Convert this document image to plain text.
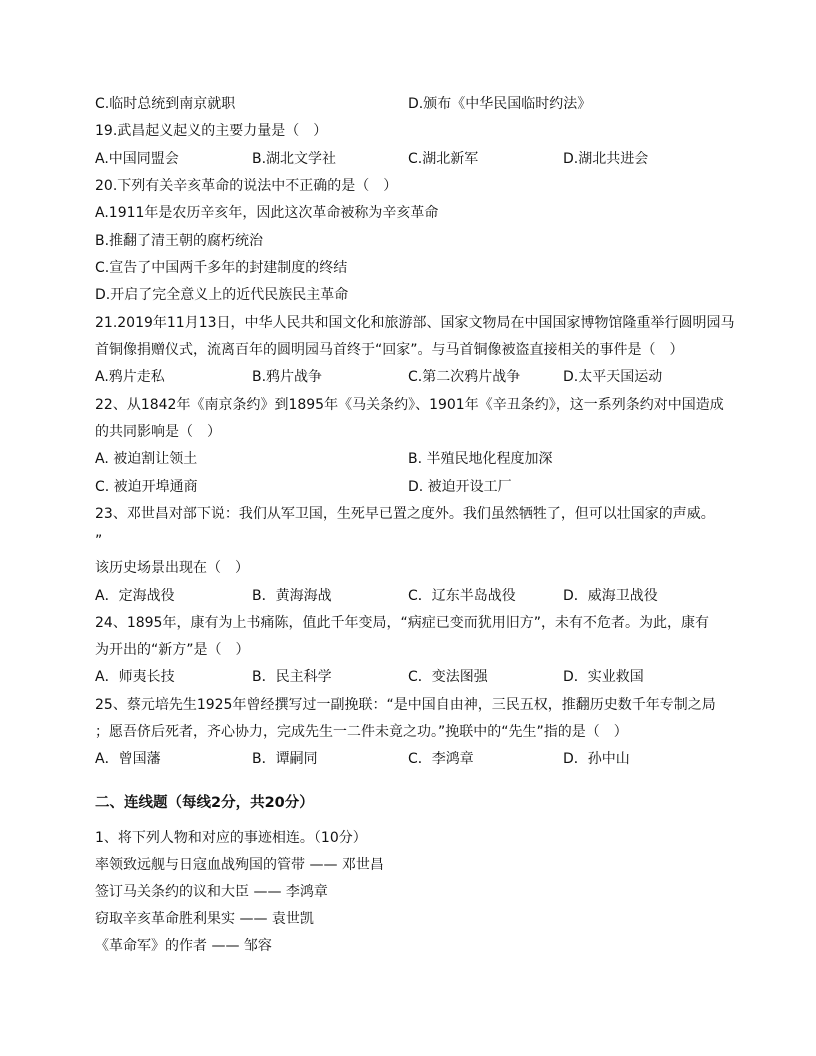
C.临时总统到南京就职	D.颁布《中华民国临时约法》
19.武昌起义起义的主要力量是（　）
A.中国同盟会	B.湖北文学社	C.湖北新军	D.湖北共进会
20.下列有关辛亥革命的说法中不正确的是（　）
A.1911年是农历辛亥年，因此这次革命被称为辛亥革命
B.推翻了清王朝的腐朽统治
C.宣告了中国两千多年的封建制度的终结
D.开启了完全意义上的近代民族民主革命
21.2019年11月13日，中华人民共和国文化和旅游部、国家文物局在中国国家博物馆隆重举行圆明园马
首铜像捐赠仪式，流离百年的圆明园马首终于“回家”。与马首铜像被盗直接相关的事件是（　）
A.鸦片走私	B.鸦片战争	C.第二次鸦片战争	D.太平天国运动
22、从1842年《南京条约》到1895年《马关条约》、1901年《辛丑条约》，这一系列条约对中国造成
的共同影响是（　）
A. 被迫割让领土	B. 半殖民地化程度加深
C. 被迫开埠通商	D. 被迫开设工厂
23、邓世昌对部下说：我们从军卫国，生死早已置之度外。我们虽然牺牲了，但可以壮国家的声威。
”
该历史场景出现在（　）
A．定海战役	B．黄海海战	C．辽东半岛战役	D．威海卫战役
24、1895年，康有为上书痛陈，值此千年变局，“病症已变而犹用旧方”，未有不危者。为此，康有
为开出的“新方”是（　）
A．师夷长技	B．民主科学	C．变法图强	D．实业救国
25、蔡元培先生1925年曾经撰写过一副挽联：“是中国自由神，三民五权，推翻历史数千年专制之局
；愿吾侪后死者，齐心协力，完成先生一二件未竟之功。”挽联中的“先生”指的是（　）
A．曾国藩	B．谭嗣同	C．李鸿章	D．孙中山
二、连线题（每线2分，共20分）
1、将下列人物和对应的事迹相连。（10分）
率领致远舰与日寇血战殉国的管带 —— 邓世昌
签订马关条约的议和大臣 —— 李鸿章
窃取辛亥革命胜利果实 —— 袁世凯
《革命军》的作者 —— 邹容
